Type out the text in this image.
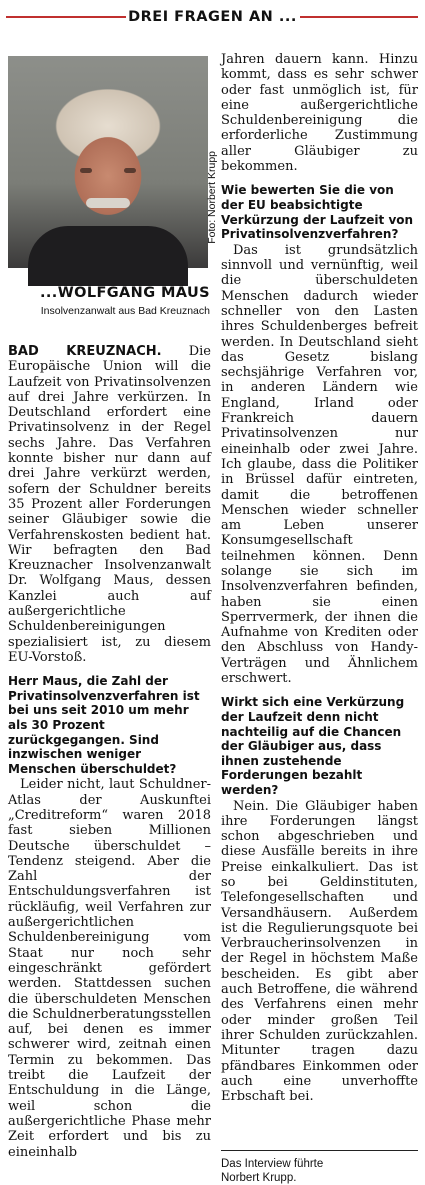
DREI FRAGEN AN ...
Foto: Norbert Krupp
...WOLFGANG MAUS
Insolvenzanwalt aus Bad Kreuznach

BAD KREUZNACH. Die Europäische Union will die Laufzeit von Privatinsolvenzen auf drei Jahre verkürzen. In Deutschland erfordert eine Privatinsolvenz in der Regel sechs Jahre. Das Verfahren konnte bisher nur dann auf drei Jahre verkürzt werden, sofern der Schuldner bereits 35 Prozent aller Forderungen seiner Gläubiger sowie die Verfahrenskosten bedient hat. Wir befragten den Bad Kreuznacher Insolvenzanwalt Dr. Wolfgang Maus, dessen Kanzlei auch auf außergerichtliche Schuldenbereinigungen spezialisiert ist, zu diesem EU-Vorstoß.

Herr Maus, die Zahl der Privatinsolvenzverfahren ist bei uns seit 2010 um mehr als 30 Prozent zurückgegangen. Sind inzwischen weniger Menschen überschuldet?

Leider nicht, laut Schuldner-Atlas der Auskunftei „Creditreform“ waren 2018 fast sieben Millionen Deutsche überschuldet – Tendenz steigend. Aber die Zahl der Entschuldungsverfahren ist rückläufig, weil Verfahren zur außergerichtlichen Schuldenbereinigung vom Staat nur noch sehr eingeschränkt gefördert werden. Stattdessen suchen die überschuldeten Menschen die Schuldnerberatungsstellen auf, bei denen es immer schwerer wird, zeitnah einen Termin zu bekommen. Das treibt die Laufzeit der Entschuldung in die Länge, weil schon die außergerichtliche Phase mehr Zeit erfordert und bis zu eineinhalb

Jahren dauern kann. Hinzu kommt, dass es sehr schwer oder fast unmöglich ist, für eine außergerichtliche Schuldenbereinigung die erforderliche Zustimmung aller Gläubiger zu bekommen.

Wie bewerten Sie die von der EU beabsichtigte Verkürzung der Laufzeit von Privatinsolvenzverfahren?

Das ist grundsätzlich sinnvoll und vernünftig, weil die überschuldeten Menschen dadurch wieder schneller von den Lasten ihres Schuldenberges befreit werden. In Deutschland sieht das Gesetz bislang sechsjährige Verfahren vor, in anderen Ländern wie England, Irland oder Frankreich dauern Privatinsolvenzen nur eineinhalb oder zwei Jahre. Ich glaube, dass die Politiker in Brüssel dafür eintreten, damit die betroffenen Menschen wieder schneller am Leben unserer Konsumgesellschaft teilnehmen können. Denn solange sie sich im Insolvenzverfahren befinden, haben sie einen Sperrvermerk, der ihnen die Aufnahme von Krediten oder den Abschluss von Handy-Verträgen und Ähnlichem erschwert.

Wirkt sich eine Verkürzung der Laufzeit denn nicht nachteilig auf die Chancen der Gläubiger aus, dass ihnen zustehende Forderungen bezahlt werden?

Nein. Die Gläubiger haben ihre Forderungen längst schon abgeschrieben und diese Ausfälle bereits in ihre Preise einkalkuliert. Das ist so bei Geldinstituten, Telefongesellschaften und Versandhäusern. Außerdem ist die Regulierungsquote bei Verbraucherinsolvenzen in der Regel in höchstem Maße bescheiden. Es gibt aber auch Betroffene, die während des Verfahrens einen mehr oder minder großen Teil ihrer Schulden zurückzahlen. Mitunter tragen dazu pfändbares Einkommen oder auch eine unverhoffte Erbschaft bei.

Das Interview führte
Norbert Krupp.
